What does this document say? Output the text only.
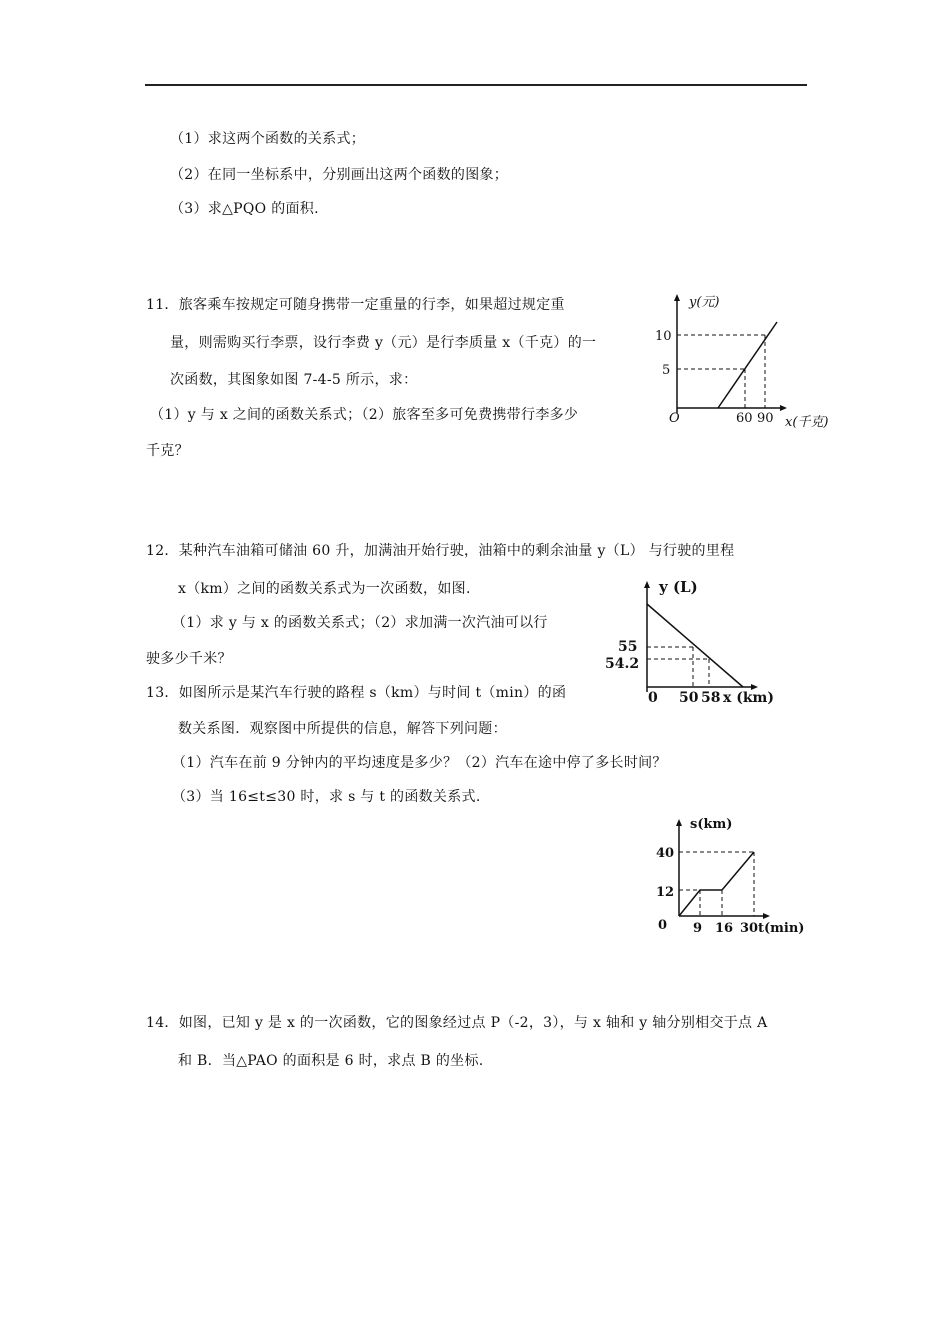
（1）求这两个函数的关系式；
（2）在同一坐标系中，分别画出这两个函数的图象；
（3）求△PQO 的面积.
11．旅客乘车按规定可随身携带一定重量的行李，如果超过规定重
量，则需购买行李票，设行李费 y（元）是行李质量 x（千克）的一
次函数，其图象如图 7-4-5 所示，求：
（1）y 与 x 之间的函数关系式；（2）旅客至多可免费携带行李多少
千克？
y(元)
10
5
O	60 90 x(千克)
12．某种汽车油箱可储油 60 升，加满油开始行驶，油箱中的剩余油量 y（L） 与行驶的里程
x（km）之间的函数关系式为一次函数，如图.
（1）求 y 与 x 的函数关系式；（2）求加满一次汽油可以行
驶多少千米？
y (L)
55
54.2
0 50 58 x (km)
13．如图所示是某汽车行驶的路程 s（km）与时间 t（min）的函
数关系图．观察图中所提供的信息，解答下列问题：
（1）汽车在前 9 分钟内的平均速度是多少？（2）汽车在途中停了多长时间？
（3）当 16≤t≤30 时，求 s 与 t 的函数关系式.
s(km)
40
12
0 9 16 30 t(min)
14．如图，已知 y 是 x 的一次函数，它的图象经过点 P（-2，3），与 x 轴和 y 轴分别相交于点 A
和 B．当△PAO 的面积是 6 时，求点 B 的坐标.
